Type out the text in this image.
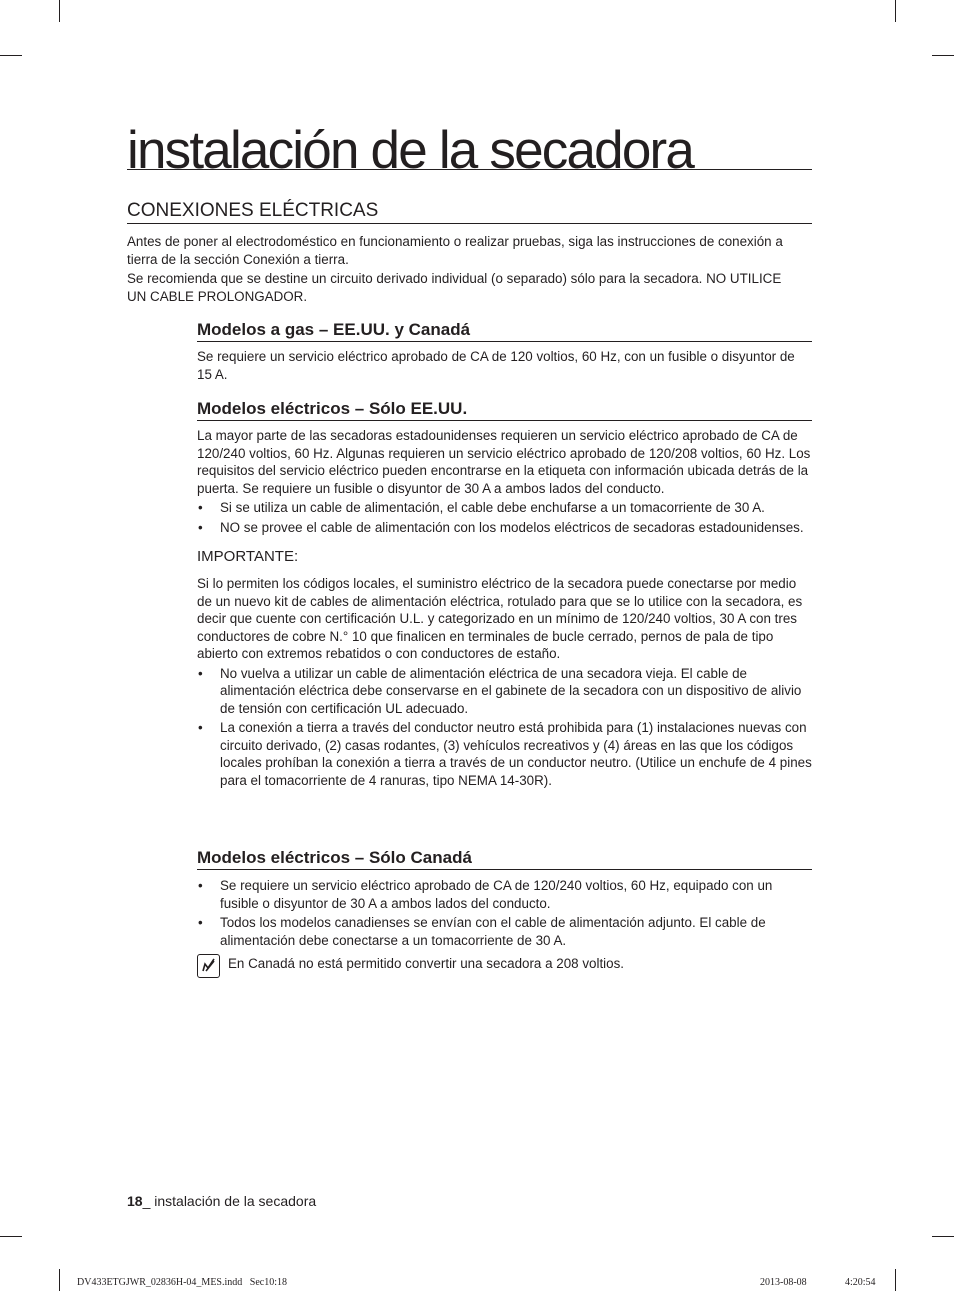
instalación de la secadora
CONEXIONES ELÉCTRICAS
Antes de poner al electrodoméstico en funcionamiento o realizar pruebas, siga las instrucciones de conexión a tierra de la sección Conexión a tierra.
Se recomienda que se destine un circuito derivado individual (o separado) sólo para la secadora. NO UTILICE UN CABLE PROLONGADOR.
Modelos a gas – EE.UU. y Canadá

Se requiere un servicio eléctrico aprobado de CA de 120 voltios, 60 Hz, con un fusible o disyuntor de 15 A.

Modelos eléctricos – Sólo EE.UU.

La mayor parte de las secadoras estadounidenses requieren un servicio eléctrico aprobado de CA de 120/240 voltios, 60 Hz. Algunas requieren un servicio eléctrico aprobado de 120/208 voltios, 60 Hz. Los requisitos del servicio eléctrico pueden encontrarse en la etiqueta con información ubicada detrás de la puerta. Se requiere un fusible o disyuntor de 30 A a ambos lados del conducto.

• Si se utiliza un cable de alimentación, el cable debe enchufarse a un tomacorriente de 30 A.
• NO se provee el cable de alimentación con los modelos eléctricos de secadoras estadounidenses.

IMPORTANTE:

Si lo permiten los códigos locales, el suministro eléctrico de la secadora puede conectarse por medio de un nuevo kit de cables de alimentación eléctrica, rotulado para que se lo utilice con la secadora, es decir que cuente con certificación U.L. y categorizado en un mínimo de 120/240 voltios, 30 A con tres conductores de cobre N.° 10 que finalicen en terminales de bucle cerrado, pernos de pala de tipo abierto con extremos rebatidos o con conductores de estaño.

• No vuelva a utilizar un cable de alimentación eléctrica de una secadora vieja. El cable de alimentación eléctrica debe conservarse en el gabinete de la secadora con un dispositivo de alivio de tensión con certificación UL adecuado.
• La conexión a tierra a través del conductor neutro está prohibida para (1) instalaciones nuevas con circuito derivado, (2) casas rodantes, (3) vehículos recreativos y (4) áreas en las que los códigos locales prohíban la conexión a tierra a través de un conductor neutro. (Utilice un enchufe de 4 pines para el tomacorriente de 4 ranuras, tipo NEMA 14-30R).
Modelos eléctricos – Sólo Canadá
• Se requiere un servicio eléctrico aprobado de CA de 120/240 voltios, 60 Hz, equipado con un fusible o disyuntor de 30 A a ambos lados del conducto.
• Todos los modelos canadienses se envían con el cable de alimentación adjunto. El cable de alimentación debe conectarse a un tomacorriente de 30 A.
En Canadá no está permitido convertir una secadora a 208 voltios.
18_ instalación de la secadora
DV433ETGJWR_02836H-04_MES.indd   Sec10:18	2013-08-08	4:20:54
